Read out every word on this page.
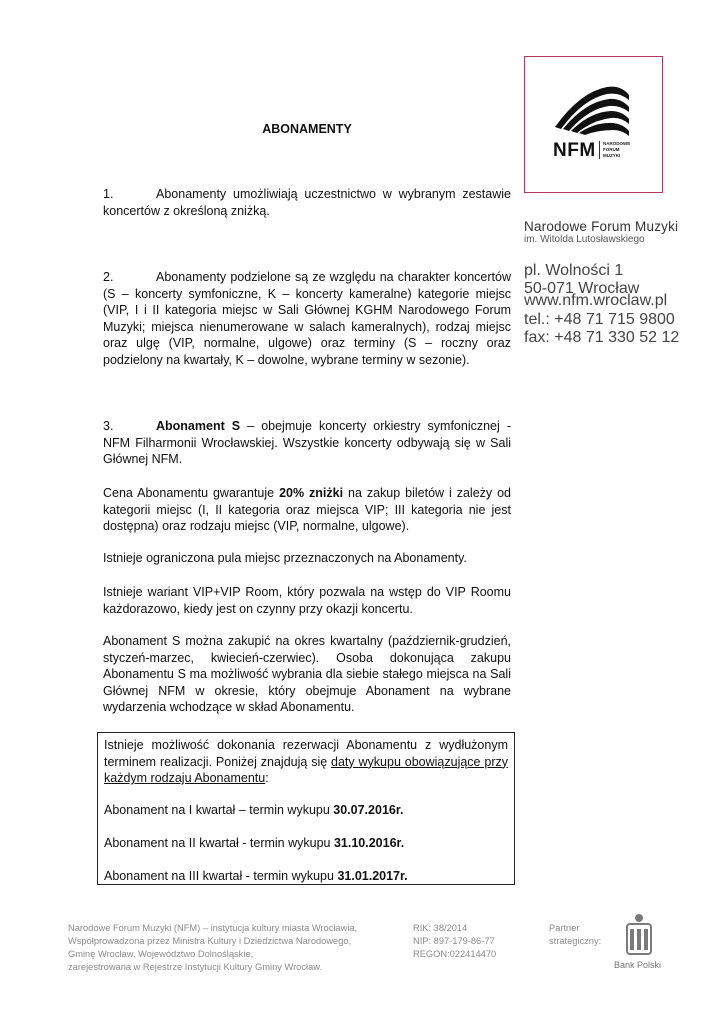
NFM NARODOWE
FORUM
MUZYKI
Narodowe Forum Muzyki
im. Witolda Lutosławskiego
pl. Wolności 1
50-071 Wrocław
www.nfm.wroclaw.pl
tel.: +48 71 715 9800
fax: +48 71 330 52 12
ABONAMENTY
1.	Abonamenty umożliwiają uczestnictwo w wybranym zestawie koncertów z określoną zniżką.
2.	Abonamenty podzielone są ze względu na charakter koncertów (S – koncerty symfoniczne, K – koncerty kameralne) kategorie miejsc (VIP, I i II kategoria miejsc w Sali Głównej KGHM Narodowego Forum Muzyki; miejsca nienumerowane w salach kameralnych), rodzaj miejsc oraz ulgę (VIP, normalne, ulgowe) oraz terminy (S – roczny oraz podzielony na kwartały, K – dowolne, wybrane terminy w sezonie).
3.	Abonament S – obejmuje koncerty orkiestry symfonicznej - NFM Filharmonii Wrocławskiej. Wszystkie koncerty odbywają się w Sali Głównej NFM.
Cena Abonamentu gwarantuje 20% zniżki na zakup biletów i zależy od kategorii miejsc (I, II kategoria oraz miejsca VIP; III kategoria nie jest dostępna) oraz rodzaju miejsc (VIP, normalne, ulgowe).
Istnieje ograniczona pula miejsc przeznaczonych na Abonamenty.
Istnieje wariant VIP+VIP Room, który pozwala na wstęp do VIP Roomu każdorazowo, kiedy jest on czynny przy okazji koncertu.
Abonament S można zakupić na okres kwartalny (październik-grudzień, styczeń-marzec, kwiecień-czerwiec). Osoba dokonująca zakupu Abonamentu S ma możliwość wybrania dla siebie stałego miejsca na Sali Głównej NFM w okresie, który obejmuje Abonament na wybrane wydarzenia wchodzące w skład Abonamentu.
Istnieje możliwość dokonania rezerwacji Abonamentu z wydłużonym terminem realizacji. Poniżej znajdują się daty wykupu obowiązujące przy każdym rodzaju Abonamentu:
Abonament na I kwartał – termin wykupu 30.07.2016r.
Abonament na II kwartał - termin wykupu 31.10.2016r.
Abonament na III kwartał - termin wykupu 31.01.2017r.
Narodowe Forum Muzyki (NFM) – instytucja kultury miasta Wrocławia,
Współprowadzona przez Ministra Kultury i Dziedzictwa Narodowego,
Gminę Wrocław, Województwo Dolnośląskie,
zarejestrowana w Rejestrze Instytucji Kultury Gminy Wrocław.
RIK: 38/2014
NIP: 897-179-86-77
REGON:022414470
Partner
strategiczny:
Bank Polski
